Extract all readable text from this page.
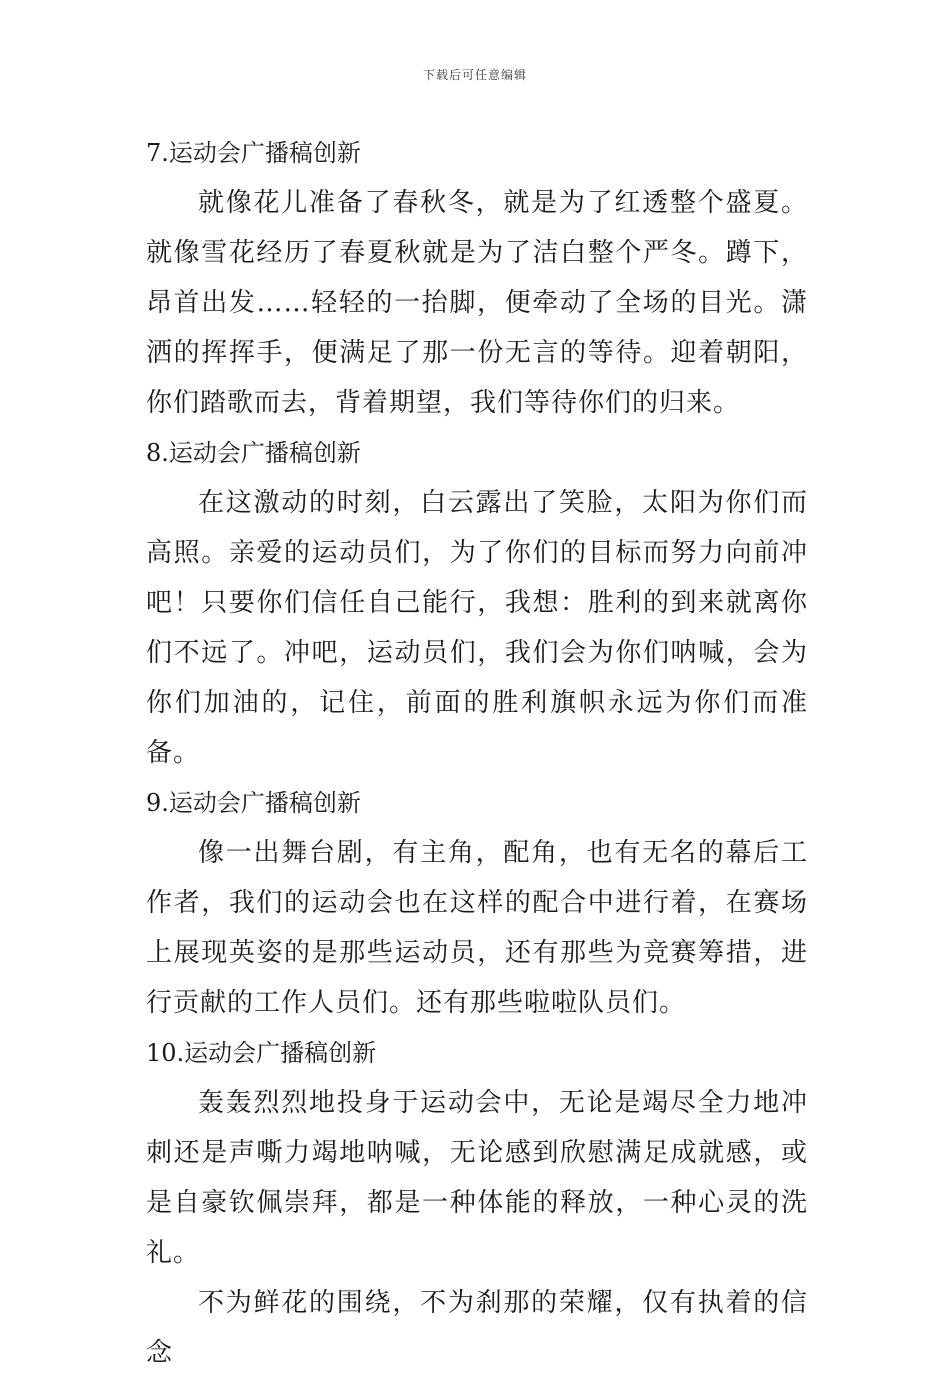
下载后可任意编辑

7.运动会广播稿创新

就像花儿准备了春秋冬，就是为了红透整个盛夏。就像雪花经历了春夏秋就是为了洁白整个严冬。蹲下，昂首出发……轻轻的一抬脚，便牵动了全场的目光。潇洒的挥挥手，便满足了那一份无言的等待。迎着朝阳，你们踏歌而去，背着期望，我们等待你们的归来。

8.运动会广播稿创新

在这激动的时刻，白云露出了笑脸，太阳为你们而高照。亲爱的运动员们，为了你们的目标而努力向前冲吧！只要你们信任自己能行，我想：胜利的到来就离你们不远了。冲吧，运动员们，我们会为你们呐喊，会为你们加油的，记住，前面的胜利旗帜永远为你们而准备。

9.运动会广播稿创新

像一出舞台剧，有主角，配角，也有无名的幕后工作者，我们的运动会也在这样的配合中进行着，在赛场上展现英姿的是那些运动员，还有那些为竞赛筹措，进行贡献的工作人员们。还有那些啦啦队员们。

10.运动会广播稿创新

轰轰烈烈地投身于运动会中，无论是竭尽全力地冲刺还是声嘶力竭地呐喊，无论感到欣慰满足成就感，或是自豪钦佩崇拜，都是一种体能的释放，一种心灵的洗礼。

不为鲜花的围绕，不为刹那的荣耀，仅有执着的信念
